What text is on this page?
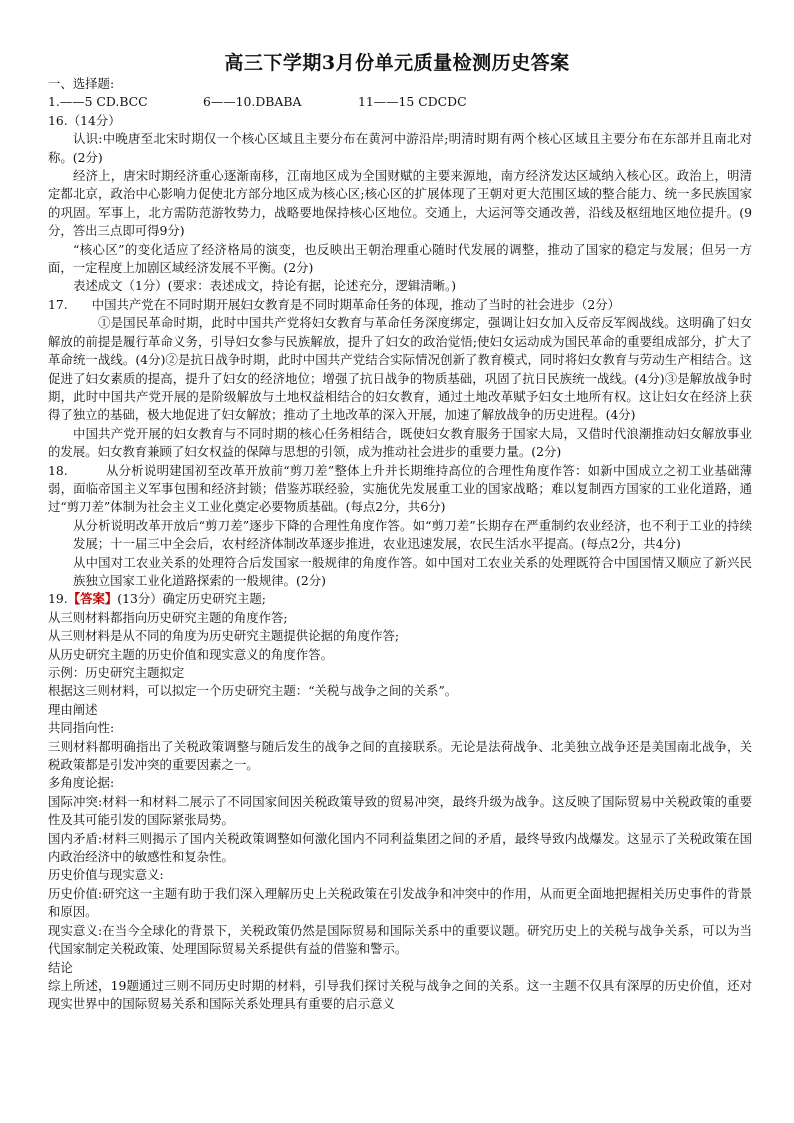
高三下学期3月份单元质量检测历史答案

一、选择题:

1.——5 CD.BCC	6——10.DBABA	11——15 CDCDC

16.（14分）

认识:中晚唐至北宋时期仅一个核心区域且主要分布在黄河中游沿岸;明清时期有两个核心区域且主要分布在东部并且南北对称。(2分)

经济上，唐宋时期经济重心逐渐南移，江南地区成为全国财赋的主要来源地，南方经济发达区域纳入核心区。政治上，明清定都北京，政治中心影响力促使北方部分地区成为核心区;核心区的扩展体现了王朝对更大范围区域的整合能力、统一多民族国家的巩固。军事上，北方需防范游牧势力，战略要地保持核心区地位。交通上，大运河等交通改善，沿线及枢纽地区地位提升。(9分，答出三点即可得9分)

“核心区”的变化适应了经济格局的演变，也反映出王朝治理重心随时代发展的调整，推动了国家的稳定与发展；但另一方面，一定程度上加剧区域经济发展不平衡。(2分)

表述成文（1分）(要求：表述成文，持论有据，论述充分，逻辑清晰。)

17. 中国共产党在不同时期开展妇女教育是不同时期革命任务的体现，推动了当时的社会进步（2分）

①是国民革命时期，此时中国共产党将妇女教育与革命任务深度绑定，强调让妇女加入反帝反军阀战线。这明确了妇女解放的前提是履行革命义务，引导妇女参与民族解放，提升了妇女的政治觉悟;使妇女运动成为国民革命的重要组成部分，扩大了革命统一战线。(4分)②是抗日战争时期，此时中国共产党结合实际情况创新了教育模式，同时将妇女教育与劳动生产相结合。这促进了妇女素质的提高，提升了妇女的经济地位；增强了抗日战争的物质基础，巩固了抗日民族统一战线。(4分)③是解放战争时期，此时中国共产党开展的是阶级解放与土地权益相结合的妇女教育，通过土地改革赋予妇女土地所有权。这让妇女在经济上获得了独立的基础，极大地促进了妇女解放；推动了土地改革的深入开展，加速了解放战争的历史进程。(4分)

中国共产党开展的妇女教育与不同时期的核心任务相结合，既使妇女教育服务于国家大局，又借时代浪潮推动妇女解放事业的发展。妇女教育兼顾了妇女权益的保障与思想的引领，成为推动社会进步的重要力量。(2分)

18.	从分析说明建国初至改革开放前“剪刀差”整体上升并长期维持高位的合理性角度作答：如新中国成立之初工业基础薄弱，面临帝国主义军事包围和经济封锁；借鉴苏联经验，实施优先发展重工业的国家战略；难以复制西方国家的工业化道路，通过“剪刀差”体制为社会主义工业化奠定必要物质基础。(每点2分，共6分)

从分析说明改革开放后“剪刀差”逐步下降的合理性角度作答。如“剪刀差”长期存在严重制约农业经济，也不利于工业的持续发展；十一届三中全会后，农村经济体制改革逐步推进，农业迅速发展，农民生活水平提高。(每点2分，共4分)

从中国对工农业关系的处理符合后发国家一般规律的角度作答。如中国对工农业关系的处理既符合中国国情又顺应了新兴民族独立国家工业化道路探索的一般规律。(2分)

19.【答案】(13分）确定历史研究主题;

从三则材料都指向历史研究主题的角度作答;

从三则材料是从不同的角度为历史研究主题提供论据的角度作答;

从历史研究主题的历史价值和现实意义的角度作答。

示例：历史研究主题拟定

根据这三则材料，可以拟定一个历史研究主题：“关税与战争之间的关系”。

理由阐述

共同指向性:

三则材料都明确指出了关税政策调整与随后发生的战争之间的直接联系。无论是法荷战争、北美独立战争还是美国南北战争，关税政策都是引发冲突的重要因素之一。

多角度论据:

国际冲突:材料一和材料二展示了不同国家间因关税政策导致的贸易冲突，最终升级为战争。这反映了国际贸易中关税政策的重要性及其可能引发的国际紧张局势。

国内矛盾:材料三则揭示了国内关税政策调整如何激化国内不同利益集团之间的矛盾，最终导致内战爆发。这显示了关税政策在国内政治经济中的敏感性和复杂性。

历史价值与现实意义:

历史价值:研究这一主题有助于我们深入理解历史上关税政策在引发战争和冲突中的作用，从而更全面地把握相关历史事件的背景和原因。

现实意义:在当今全球化的背景下，关税政策仍然是国际贸易和国际关系中的重要议题。研究历史上的关税与战争关系，可以为当代国家制定关税政策、处理国际贸易关系提供有益的借鉴和警示。

结论

综上所述，19题通过三则不同历史时期的材料，引导我们探讨关税与战争之间的关系。这一主题不仅具有深厚的历史价值，还对现实世界中的国际贸易关系和国际关系处理具有重要的启示意义
